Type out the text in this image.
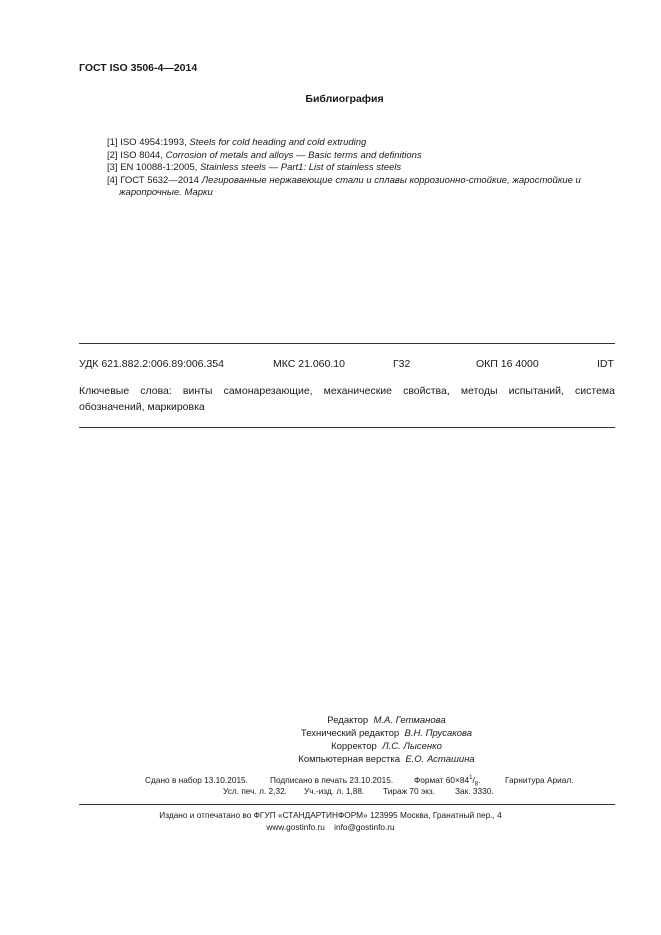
ГОСТ ISO 3506-4—2014
Библиография
[1] ISO 4954:1993, Steels for cold heading and cold extruding
[2] ISO 8044, Corrosion of metals and alloys — Basic terms and definitions
[3] EN 10088-1:2005, Stainless steels — Part1: List of stainless steels
[4] ГОСТ 5632—2014 Легированные нержавеющие стали и сплавы коррозионно-стойкие, жаростойкие и
жаропрочные. Марки
УДК 621.882.2:006.89:006.354	МКС 21.060.10	Г32	ОКП 16 4000	IDT
Ключевые слова: винты самонарезающие, механические свойства, методы испытаний, система обозначений, маркировка
Редактор М.А. Гетманова
Технический редактор В.Н. Прусакова
Корректор Л.С. Лысенко
Компьютерная верстка Е.О. Асташина
Сдано в набор 13.10.2015.	Подписано в печать 23.10.2015.	Формат $60\times 84^1/_8$.	Гарнитура Ариал.
Усл. печ. л. 2,32. Уч.-изд. л. 1,88. Тираж 70 экз. Зак. 3330.
Издано и отпечатано во ФГУП «СТАНДАРТИНФОРМ» 123995 Москва, Гранатный пер., 4
www.gostinfo.ru info@gostinfo.ru
